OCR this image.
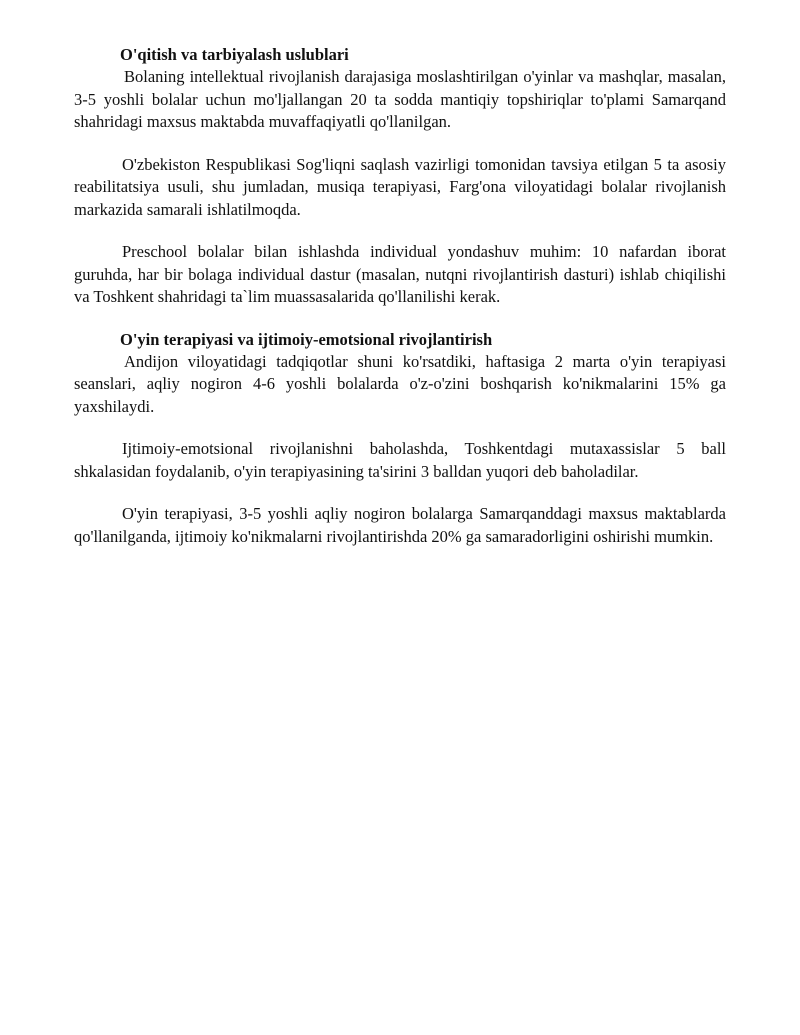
O'qitish va tarbiyalash uslublari

Bolaning intellektual rivojlanish darajasiga moslashtirilgan o'yinlar va mashqlar, masalan, 3-5 yoshli bolalar uchun mo'ljallangan 20 ta sodda mantiqiy topshiriqlar to'plami Samarqand shahridagi maxsus maktabda muvaffaqiyatli qo'llanilgan.

O'zbekiston Respublikasi Sog'liqni saqlash vazirligi tomonidan tavsiya etilgan 5 ta asosiy reabilitatsiya usuli, shu jumladan, musiqa terapiyasi, Farg'ona viloyatidagi bolalar rivojlanish markazida samarali ishlatilmoqda.

Preschool bolalar bilan ishlashda individual yondashuv muhim: 10 nafardan iborat guruhda, har bir bolaga individual dastur (masalan, nutqni rivojlantirish dasturi) ishlab chiqilishi va Toshkent shahridagi ta`lim muassasalarida qo'llanilishi kerak.

O'yin terapiyasi va ijtimoiy-emotsional rivojlantirish

Andijon viloyatidagi tadqiqotlar shuni ko'rsatdiki, haftasiga 2 marta o'yin terapiyasi seanslari, aqliy nogiron 4-6 yoshli bolalarda o'z-o'zini boshqarish ko'nikmalarini 15% ga yaxshilaydi.

Ijtimoiy-emotsional rivojlanishni baholashda, Toshkentdagi mutaxassislar 5 ball shkalasidan foydalanib, o'yin terapiyasining ta'sirini 3 balldan yuqori deb baholadilar.

O'yin terapiyasi, 3-5 yoshli aqliy nogiron bolalarga Samarqanddagi maxsus maktablarda qo'llanilganda, ijtimoiy ko'nikmalarni rivojlantirishda 20% ga samaradorligini oshirishi mumkin.
